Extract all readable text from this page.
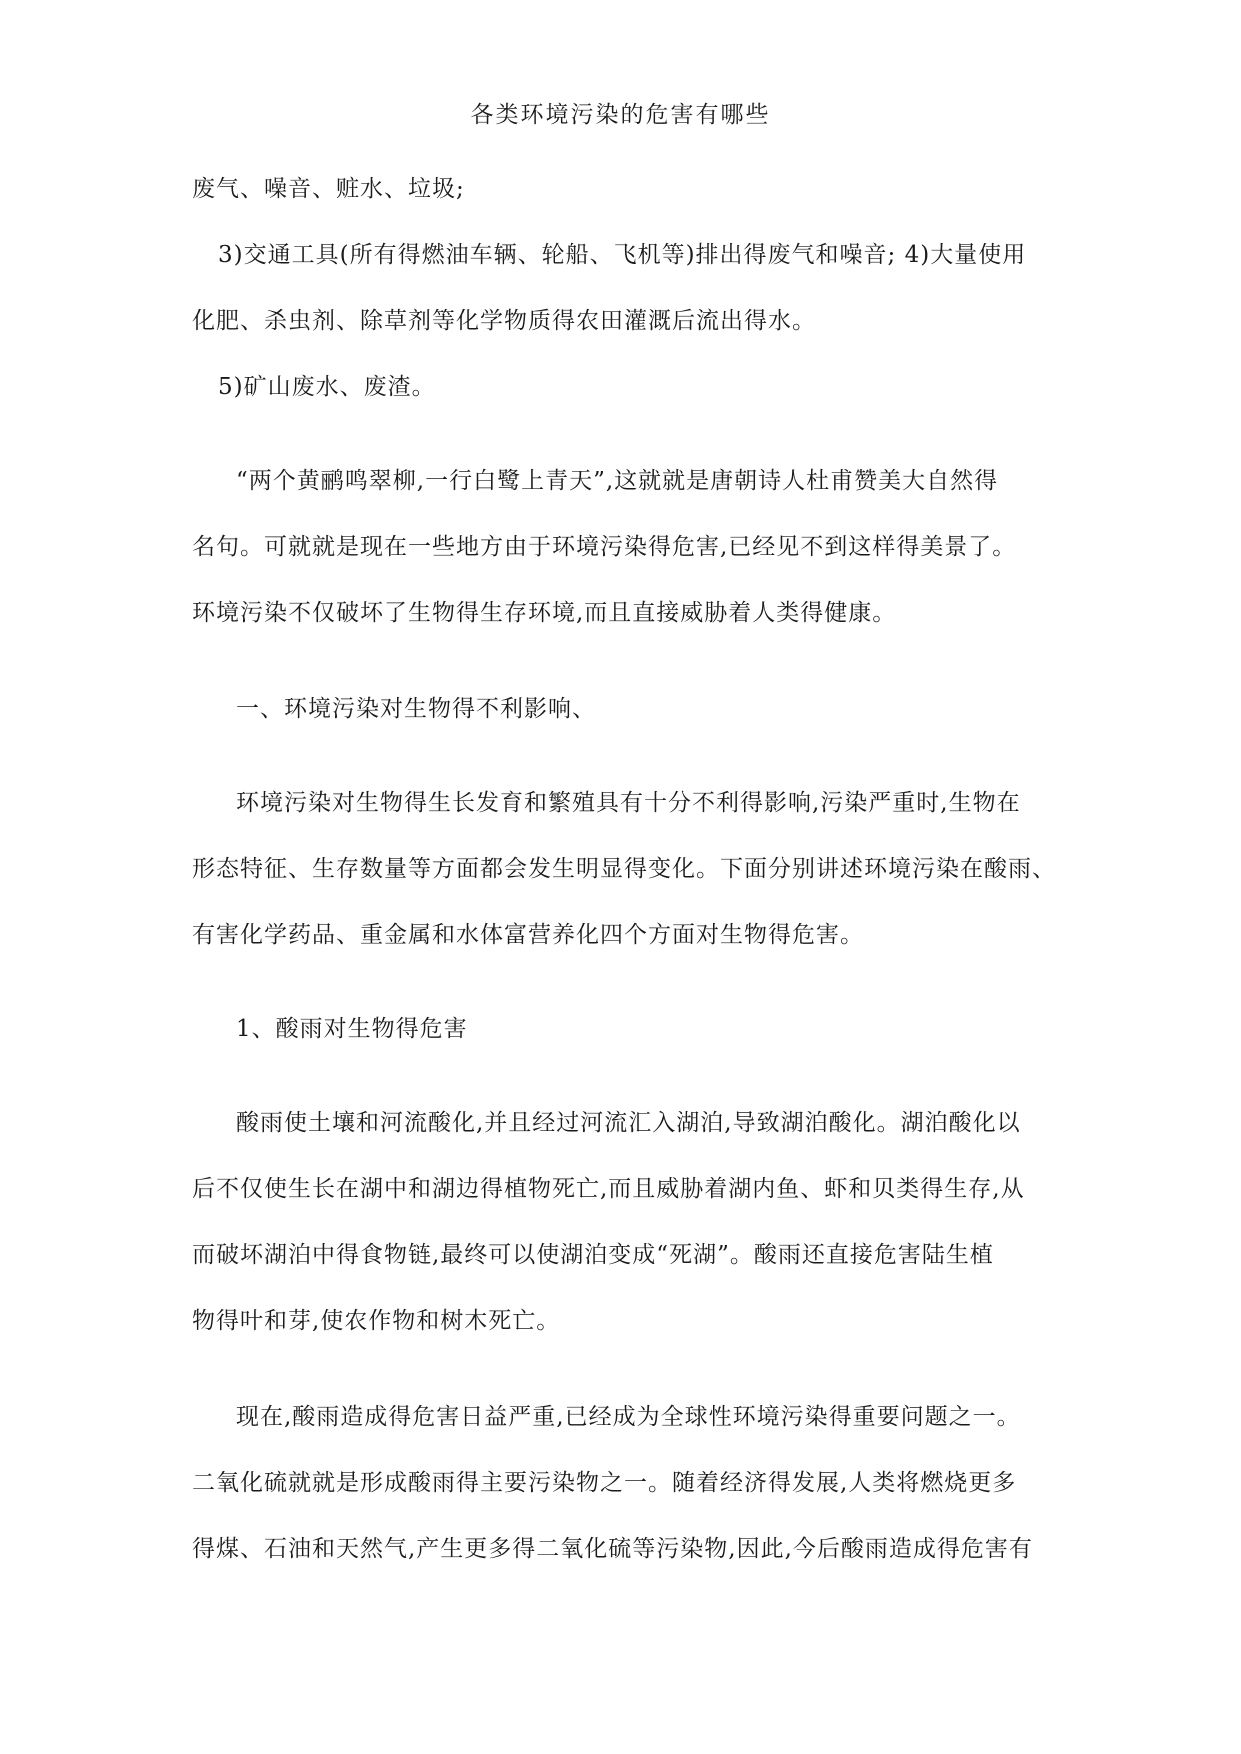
各类环境污染的危害有哪些
废气、噪音、赃水、垃圾;
3)交通工具(所有得燃油车辆、轮船、飞机等)排出得废气和噪音; 4)大量使用
化肥、杀虫剂、除草剂等化学物质得农田灌溉后流出得水。
5)矿山废水、废渣。
“两个黄鹂鸣翠柳,一行白鹭上青天”,这就就是唐朝诗人杜甫赞美大自然得
名句。可就就是现在一些地方由于环境污染得危害,已经见不到这样得美景了。
环境污染不仅破坏了生物得生存环境,而且直接威胁着人类得健康。
一、环境污染对生物得不利影响、
环境污染对生物得生长发育和繁殖具有十分不利得影响,污染严重时,生物在
形态特征、生存数量等方面都会发生明显得变化。下面分别讲述环境污染在酸雨、
有害化学药品、重金属和水体富营养化四个方面对生物得危害。
1、酸雨对生物得危害
酸雨使土壤和河流酸化,并且经过河流汇入湖泊,导致湖泊酸化。湖泊酸化以
后不仅使生长在湖中和湖边得植物死亡,而且威胁着湖内鱼、虾和贝类得生存,从
而破坏湖泊中得食物链,最终可以使湖泊变成“死湖”。酸雨还直接危害陆生植
物得叶和芽,使农作物和树木死亡。
现在,酸雨造成得危害日益严重,已经成为全球性环境污染得重要问题之一。
二氧化硫就就是形成酸雨得主要污染物之一。随着经济得发展,人类将燃烧更多
得煤、石油和天然气,产生更多得二氧化硫等污染物,因此,今后酸雨造成得危害有
